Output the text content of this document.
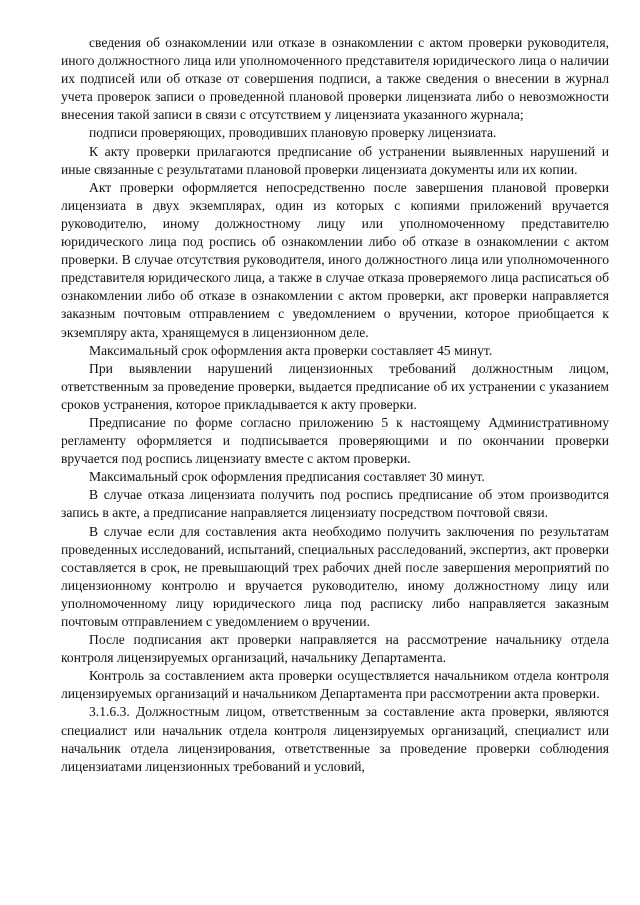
сведения об ознакомлении или отказе в ознакомлении с актом проверки руководителя, иного должностного лица или уполномоченного представителя юридического лица о наличии их подписей или об отказе от совершения подписи, а также сведения о внесении в журнал учета проверок записи о проведенной плановой проверки лицензиата либо о невозможности внесения такой записи в связи с отсутствием у лицензиата указанного журнала;

подписи проверяющих, проводивших плановую проверку лицензиата.

К акту проверки прилагаются предписание об устранении выявленных нарушений и иные связанные с результатами плановой проверки лицензиата документы или их копии.

Акт проверки оформляется непосредственно после завершения плановой проверки лицензиата в двух экземплярах, один из которых с копиями приложений вручается руководителю, иному должностному лицу или уполномоченному представителю юридического лица под роспись об ознакомлении либо об отказе в ознакомлении с актом проверки. В случае отсутствия руководителя, иного должностного лица или уполномоченного представителя юридического лица, а также в случае отказа проверяемого лица расписаться об ознакомлении либо об отказе в ознакомлении с актом проверки, акт проверки направляется заказным почтовым отправлением с уведомлением о вручении, которое приобщается к экземпляру акта, хранящемуся в лицензионном деле.

Максимальный срок оформления акта проверки составляет 45 минут.

При выявлении нарушений лицензионных требований должностным лицом, ответственным за проведение проверки, выдается предписание об их устранении с указанием сроков устранения, которое прикладывается к акту проверки.

Предписание по форме согласно приложению 5 к настоящему Административному регламенту оформляется и подписывается проверяющими и по окончании проверки вручается под роспись лицензиату вместе с актом проверки.

Максимальный срок оформления предписания составляет 30 минут.

В случае отказа лицензиата получить под роспись предписание об этом производится запись в акте, а предписание направляется лицензиату посредством почтовой связи.

В случае если для составления акта необходимо получить заключения по результатам проведенных исследований, испытаний, специальных расследований, экспертиз, акт проверки составляется в срок, не превышающий трех рабочих дней после завершения мероприятий по лицензионному контролю и вручается руководителю, иному должностному лицу или уполномоченному лицу юридического лица под расписку либо направляется заказным почтовым отправлением с уведомлением о вручении.

После подписания акт проверки направляется на рассмотрение начальнику отдела контроля лицензируемых организаций, начальнику Департамента.

Контроль за составлением акта проверки осуществляется начальником отдела контроля лицензируемых организаций и начальником Департамента при рассмотрении акта проверки.

3.1.6.3. Должностным лицом, ответственным за составление акта проверки, являются специалист или начальник отдела контроля лицензируемых организаций, специалист или начальник отдела лицензирования, ответственные за проведение проверки соблюдения лицензиатами лицензионных требований и условий,
